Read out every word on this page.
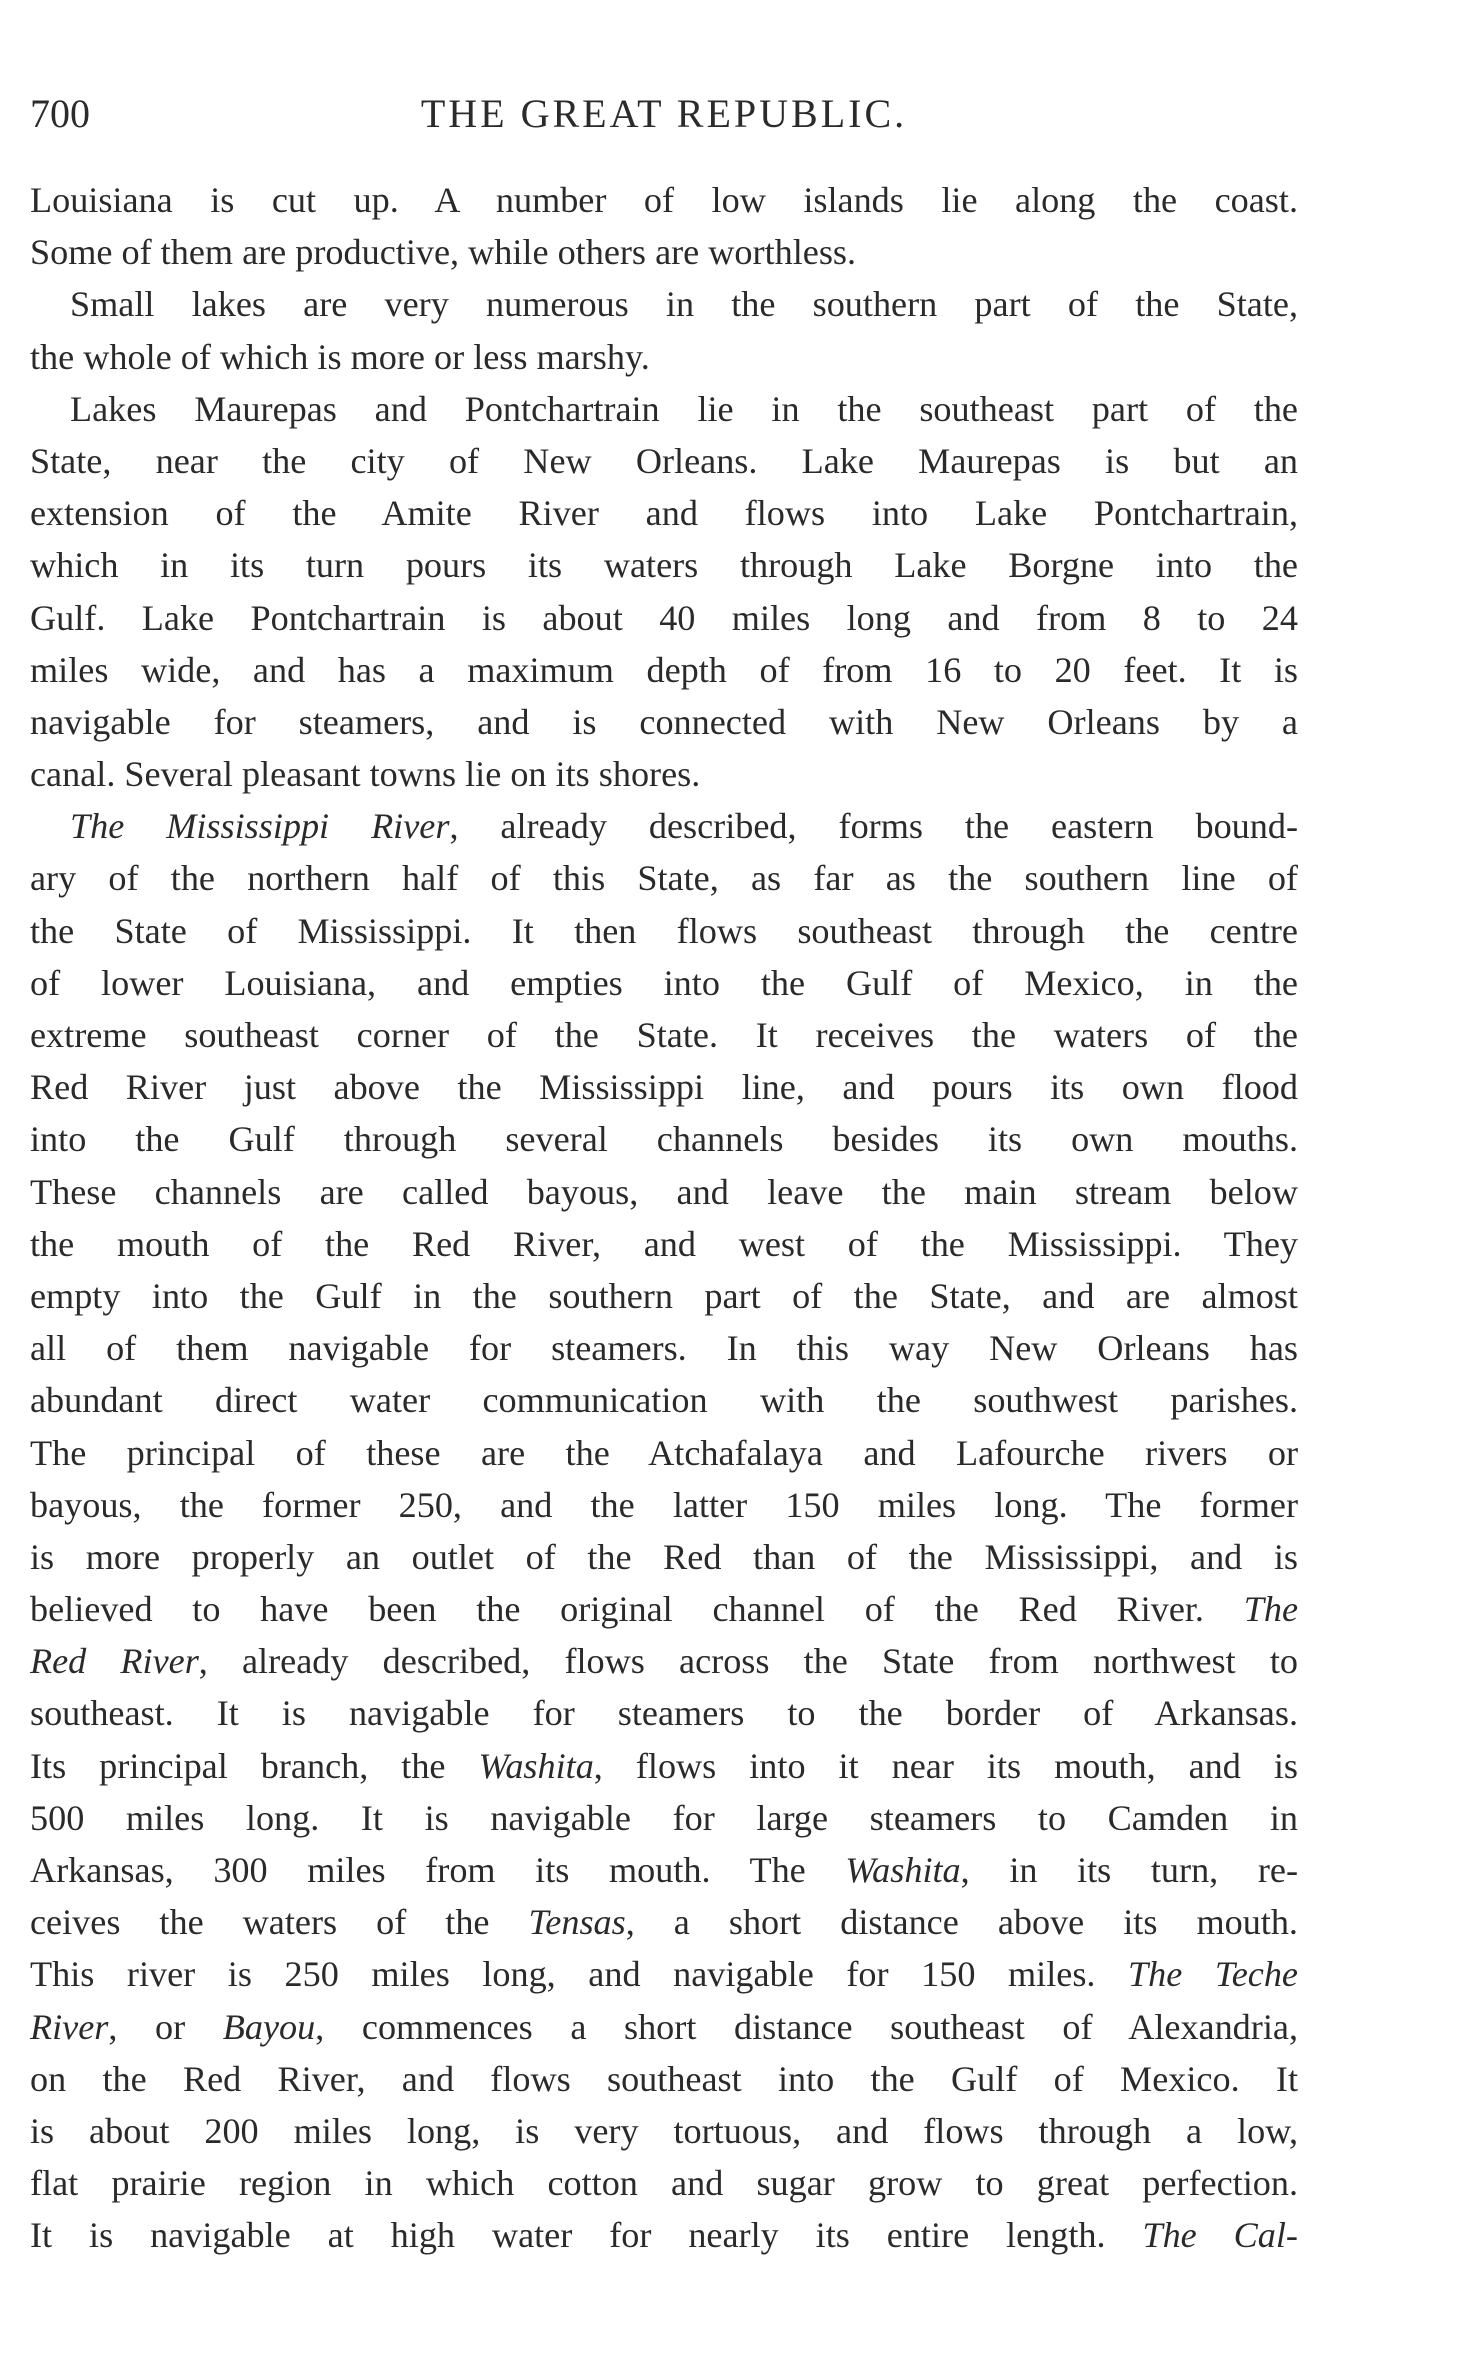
700	THE GREAT REPUBLIC.
Louisiana is cut up. A number of low islands lie along the coast.
Some of them are productive, while others are worthless.
Small lakes are very numerous in the southern part of the State,
the whole of which is more or less marshy.
Lakes Maurepas and Pontchartrain lie in the southeast part of the
State, near the city of New Orleans. Lake Maurepas is but an
extension of the Amite River and flows into Lake Pontchartrain,
which in its turn pours its waters through Lake Borgne into the
Gulf. Lake Pontchartrain is about 40 miles long and from 8 to 24
miles wide, and has a maximum depth of from 16 to 20 feet. It is
navigable for steamers, and is connected with New Orleans by a
canal. Several pleasant towns lie on its shores.
The Mississippi River, already described, forms the eastern bound-
ary of the northern half of this State, as far as the southern line of
the State of Mississippi. It then flows southeast through the centre
of lower Louisiana, and empties into the Gulf of Mexico, in the
extreme southeast corner of the State. It receives the waters of the
Red River just above the Mississippi line, and pours its own flood
into the Gulf through several channels besides its own mouths.
These channels are called bayous, and leave the main stream below
the mouth of the Red River, and west of the Mississippi. They
empty into the Gulf in the southern part of the State, and are almost
all of them navigable for steamers. In this way New Orleans has
abundant direct water communication with the southwest parishes.
The principal of these are the Atchafalaya and Lafourche rivers or
bayous, the former 250, and the latter 150 miles long. The former
is more properly an outlet of the Red than of the Mississippi, and is
believed to have been the original channel of the Red River. The
Red River, already described, flows across the State from northwest to
southeast. It is navigable for steamers to the border of Arkansas.
Its principal branch, the Washita, flows into it near its mouth, and is
500 miles long. It is navigable for large steamers to Camden in
Arkansas, 300 miles from its mouth. The Washita, in its turn, re-
ceives the waters of the Tensas, a short distance above its mouth.
This river is 250 miles long, and navigable for 150 miles. The Teche
River, or Bayou, commences a short distance southeast of Alexandria,
on the Red River, and flows southeast into the Gulf of Mexico. It
is about 200 miles long, is very tortuous, and flows through a low,
flat prairie region in which cotton and sugar grow to great perfection.
It is navigable at high water for nearly its entire length. The Cal-
